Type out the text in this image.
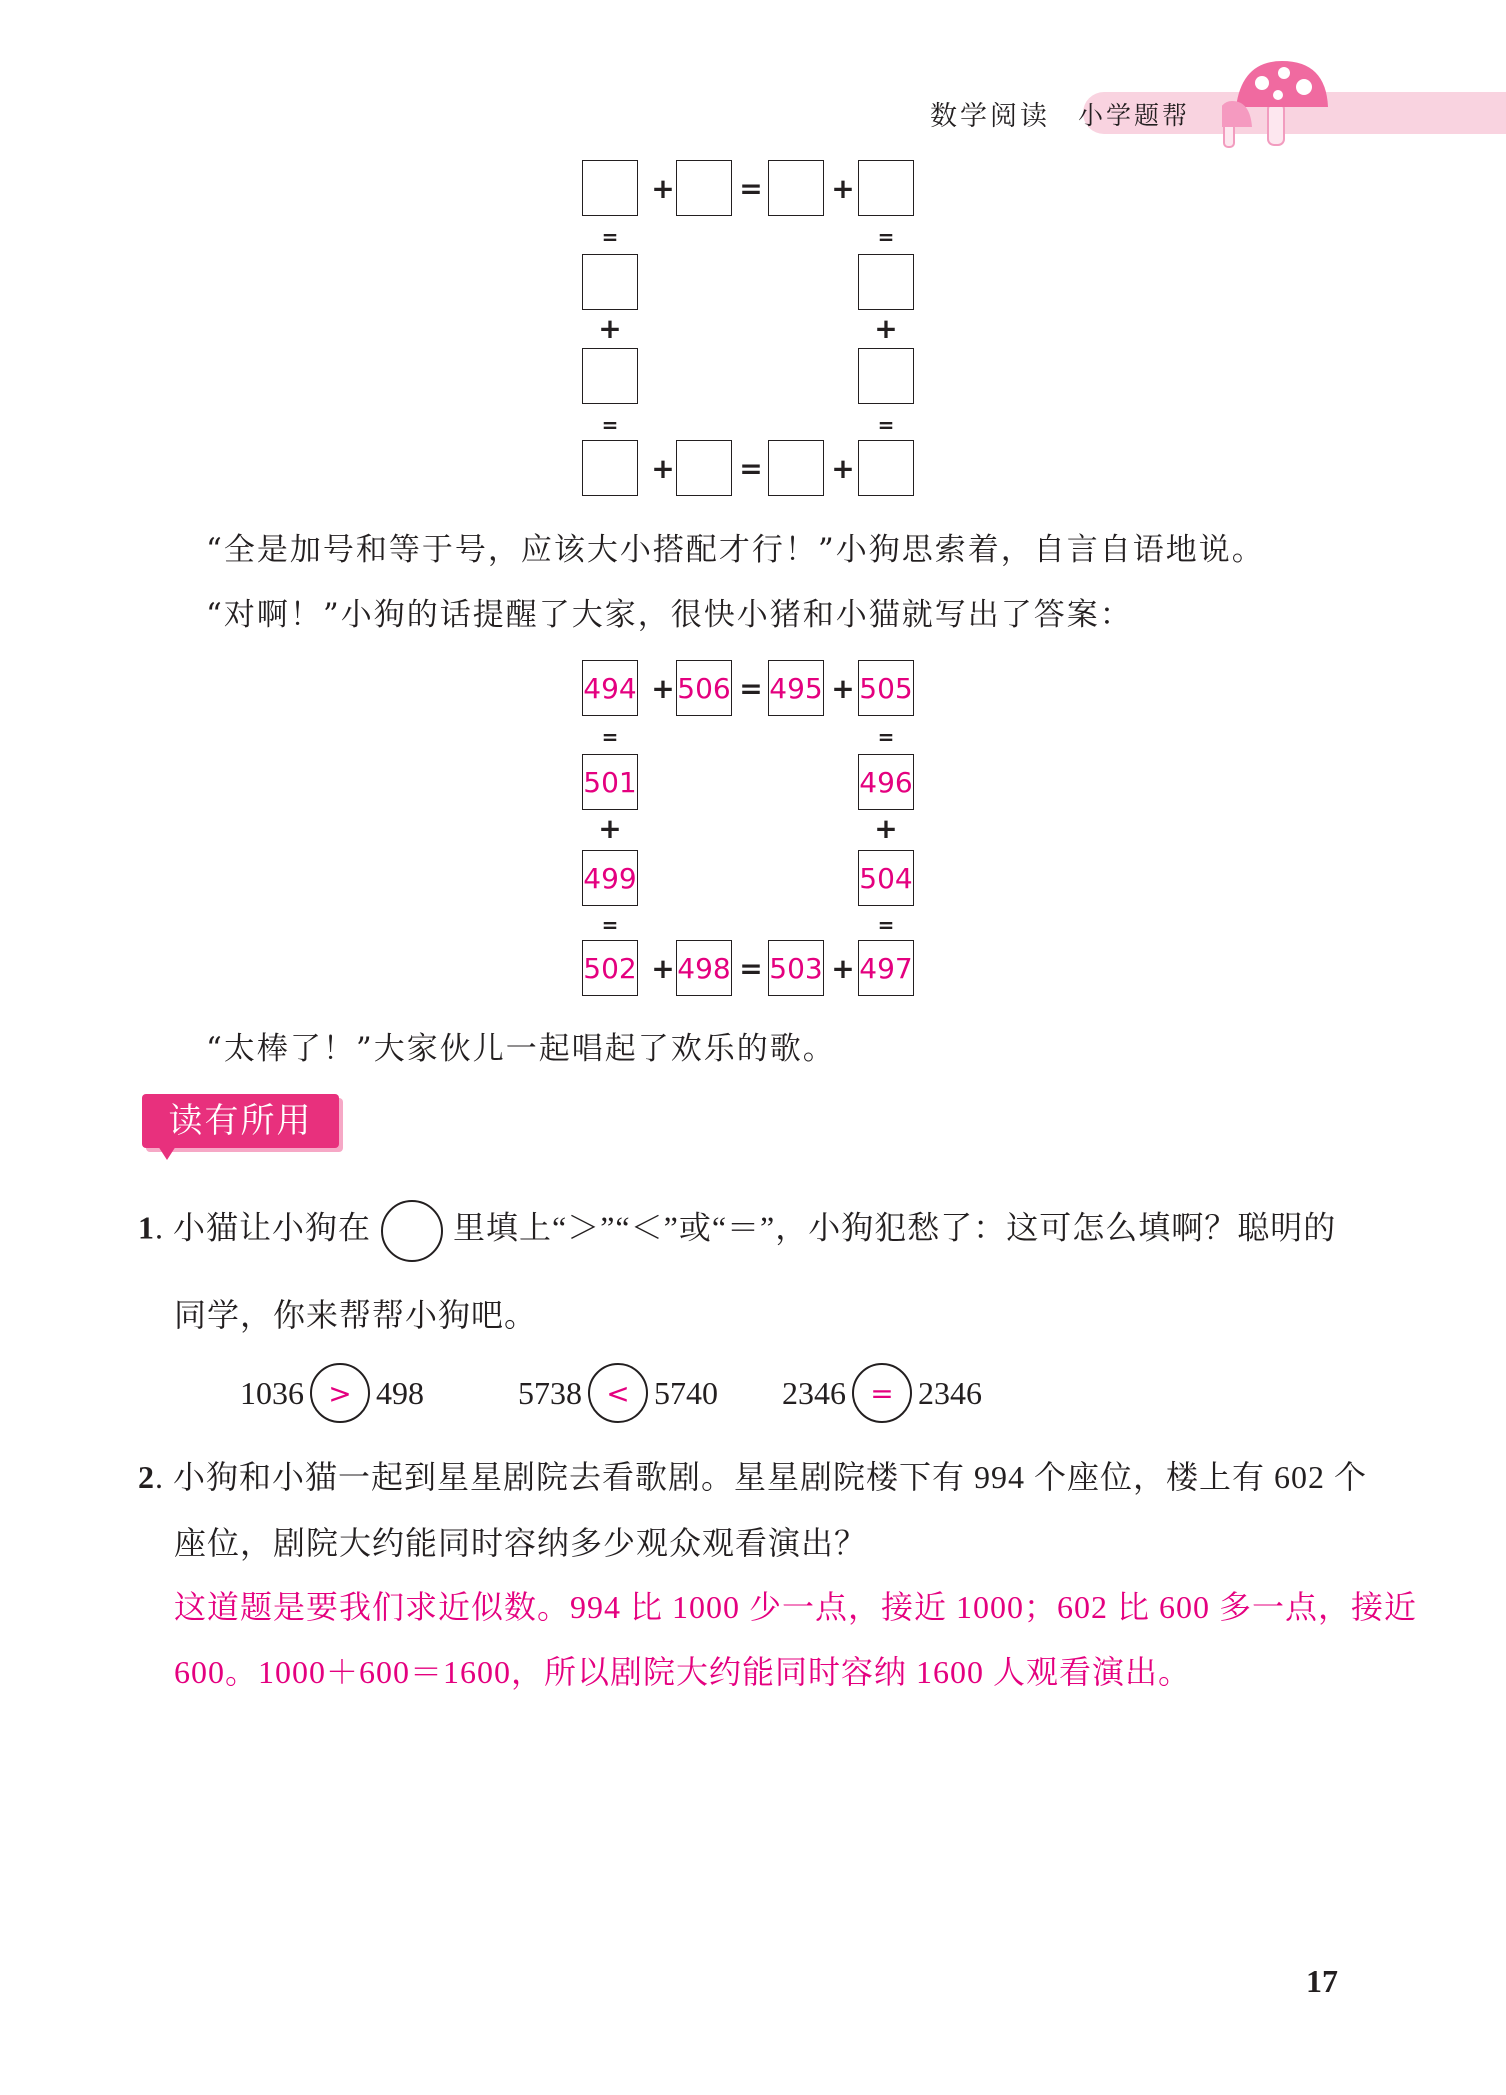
数学阅读 小学题帮
+ = +
=	=
+	+
=	=
+ = +
“全是加号和等于号，应该大小搭配才行！”小狗思索着，自言自语地说。
“对啊！”小狗的话提醒了大家，很快小猪和小猫就写出了答案：
494 + 506 = 495 + 505
=	=
501	496
+	+
499	504
=	=
502 + 498 = 503 + 497
“太棒了！”大家伙儿一起唱起了欢乐的歌。
读有所用
1. 小猫让小狗在	里填上“＞”“＜”或“＝”，小狗犯愁了：这可怎么填啊？聪明的
同学，你来帮帮小狗吧。
1036 > 498	5738 < 5740 2346 = 2346
2. 小狗和小猫一起到星星剧院去看歌剧。星星剧院楼下有 994 个座位，楼上有 602 个
座位，剧院大约能同时容纳多少观众观看演出？
这道题是要我们求近似数。994 比 1000 少一点，接近 1000；602 比 600 多一点，接近
600。1000＋600＝1600，所以剧院大约能同时容纳 1600 人观看演出。
17
